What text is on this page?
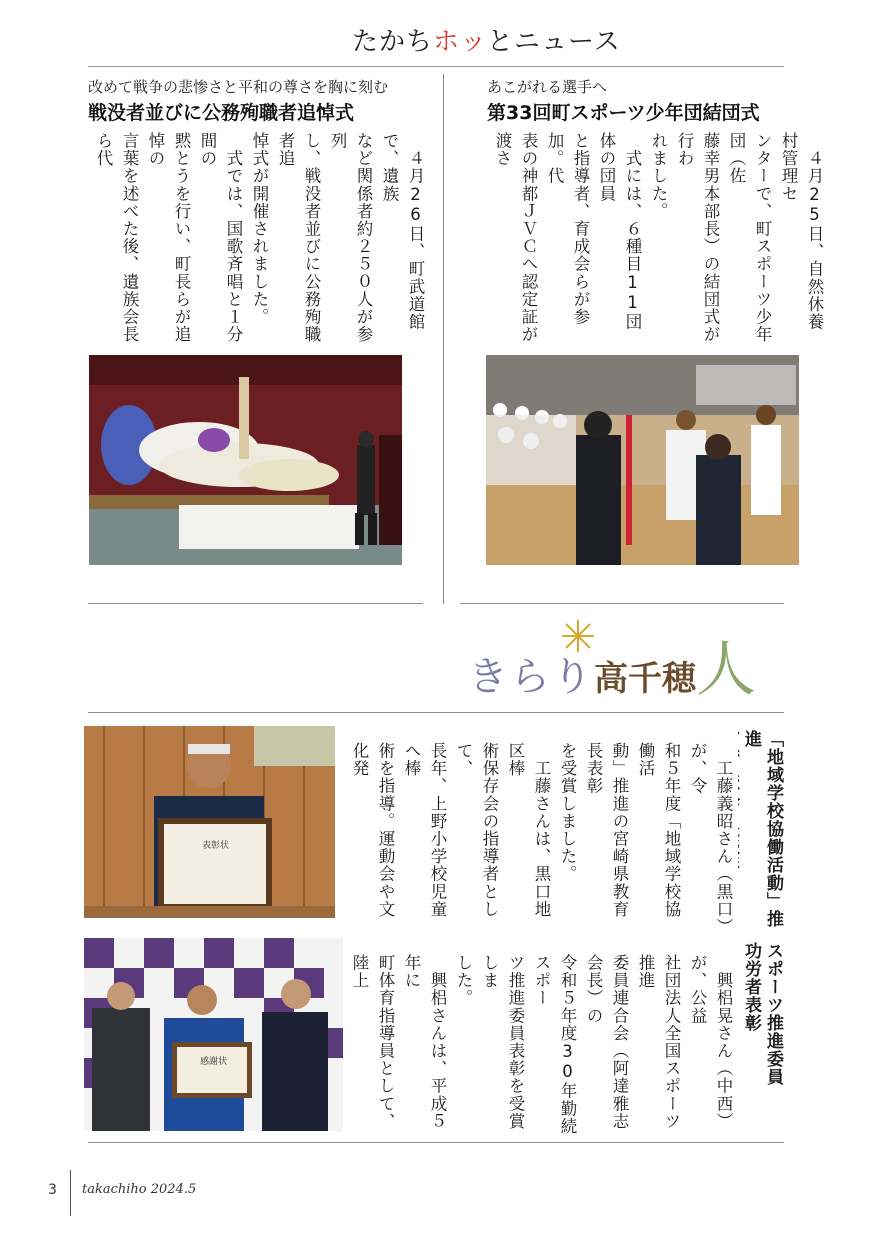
たかちホッとニュース
改めて戦争の悲惨さと平和の尊さを胸に刻む
戦没者並びに公務殉職者追悼式
　４月26日、町武道館で、遺族
など関係者約２５０人が参列
し、戦没者並びに公務殉職者追
悼式が開催されました。
　式では、国歌斉唱と１分間の
黙とうを行い、町長らが追悼の
言葉を述べた後、遺族会長ら代

あこがれる選手へ
第33回町スポーツ少年団結団式
　４月25日、自然休養村管理セ
ンターで、町スポーツ少年団（佐
藤幸男本部長）の結団式が行わ
れました。
　式には、６種目11団体の団員
と指導者、育成会らが参加。代
表の神都ＪＶＣへ認定証が渡さ

きらり高千穂人
表彰状	「地域学校協働活動」推進

　工藤義昭さん（黒口）が、令
和５年度「地域学校協働活
動」推進の宮崎県教育長表彰
を受賞しました。
　工藤さんは、黒口地区棒
術保存会の指導者として、
長年、上野小学校児童へ棒
術を指導。運動会や文化発

感謝状	スポーツ推進委員
功労者表彰
　興梠晃さん（中西）が、公益
社団法人全国スポーツ推進
委員連合会（阿達雅志会長）の
令和５年度30年勤続スポー
ツ推進委員表彰を受賞しま
した。
　興梠さんは、平成５年に
町体育指導員として、陸上

3 takachiho 2024.5
